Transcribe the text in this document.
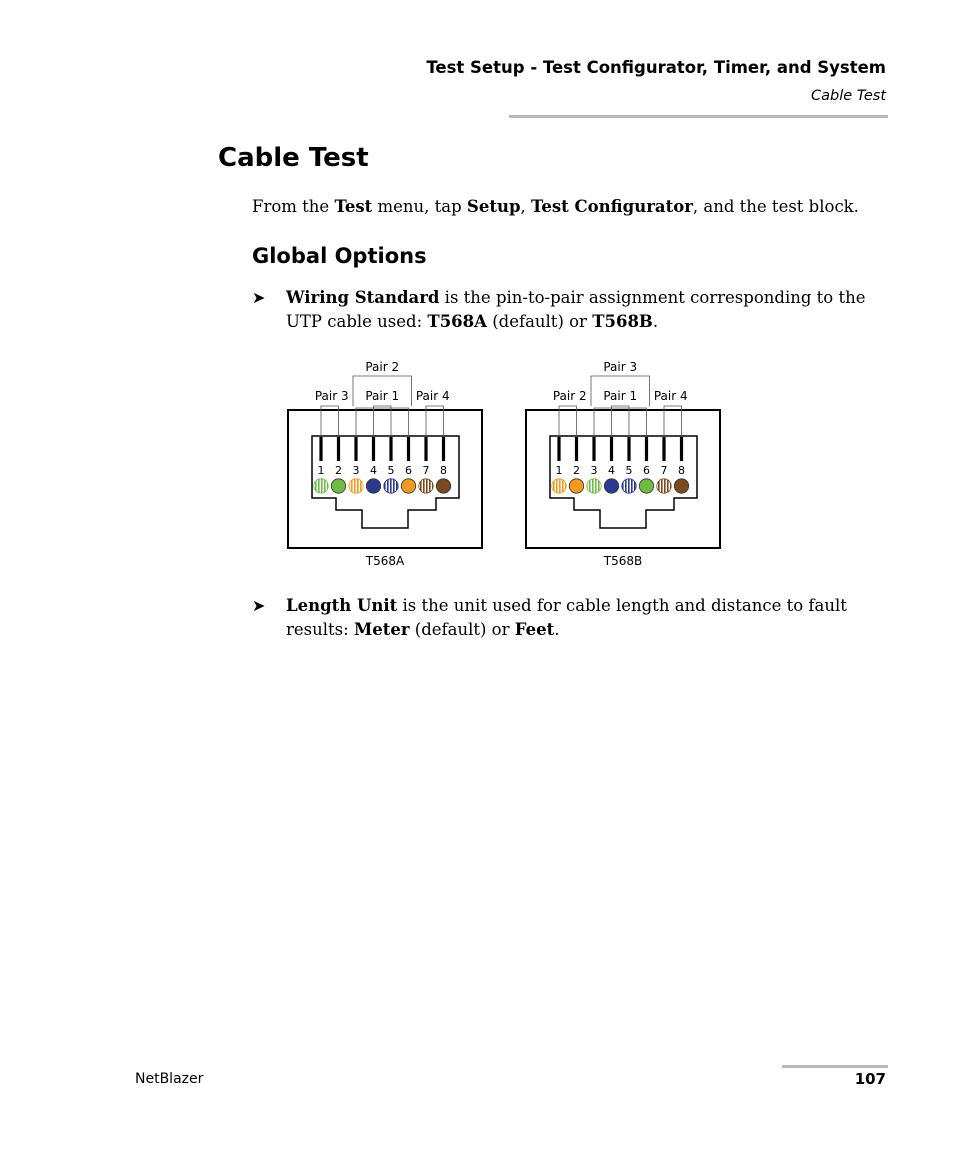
Test Setup - Test Configurator, Timer, and System
Cable Test
Cable Test

From the Test menu, tap Setup, Test Configurator, and the test block.

Global Options
➤ Wiring Standard is the pin-to-pair assignment corresponding to the UTP cable used: T568A (default) or T568B.

Pair 2
Pair 3 Pair 1 Pair 4
1 2 3 4 5 6 7 8
T568A
Pair 3
Pair 2 Pair 1 Pair 4
1 2 3 4 5 6 7 8
T568B
➤ Length Unit is the unit used for cable length and distance to fault results: Meter (default) or Feet.

NetBlazer	107
